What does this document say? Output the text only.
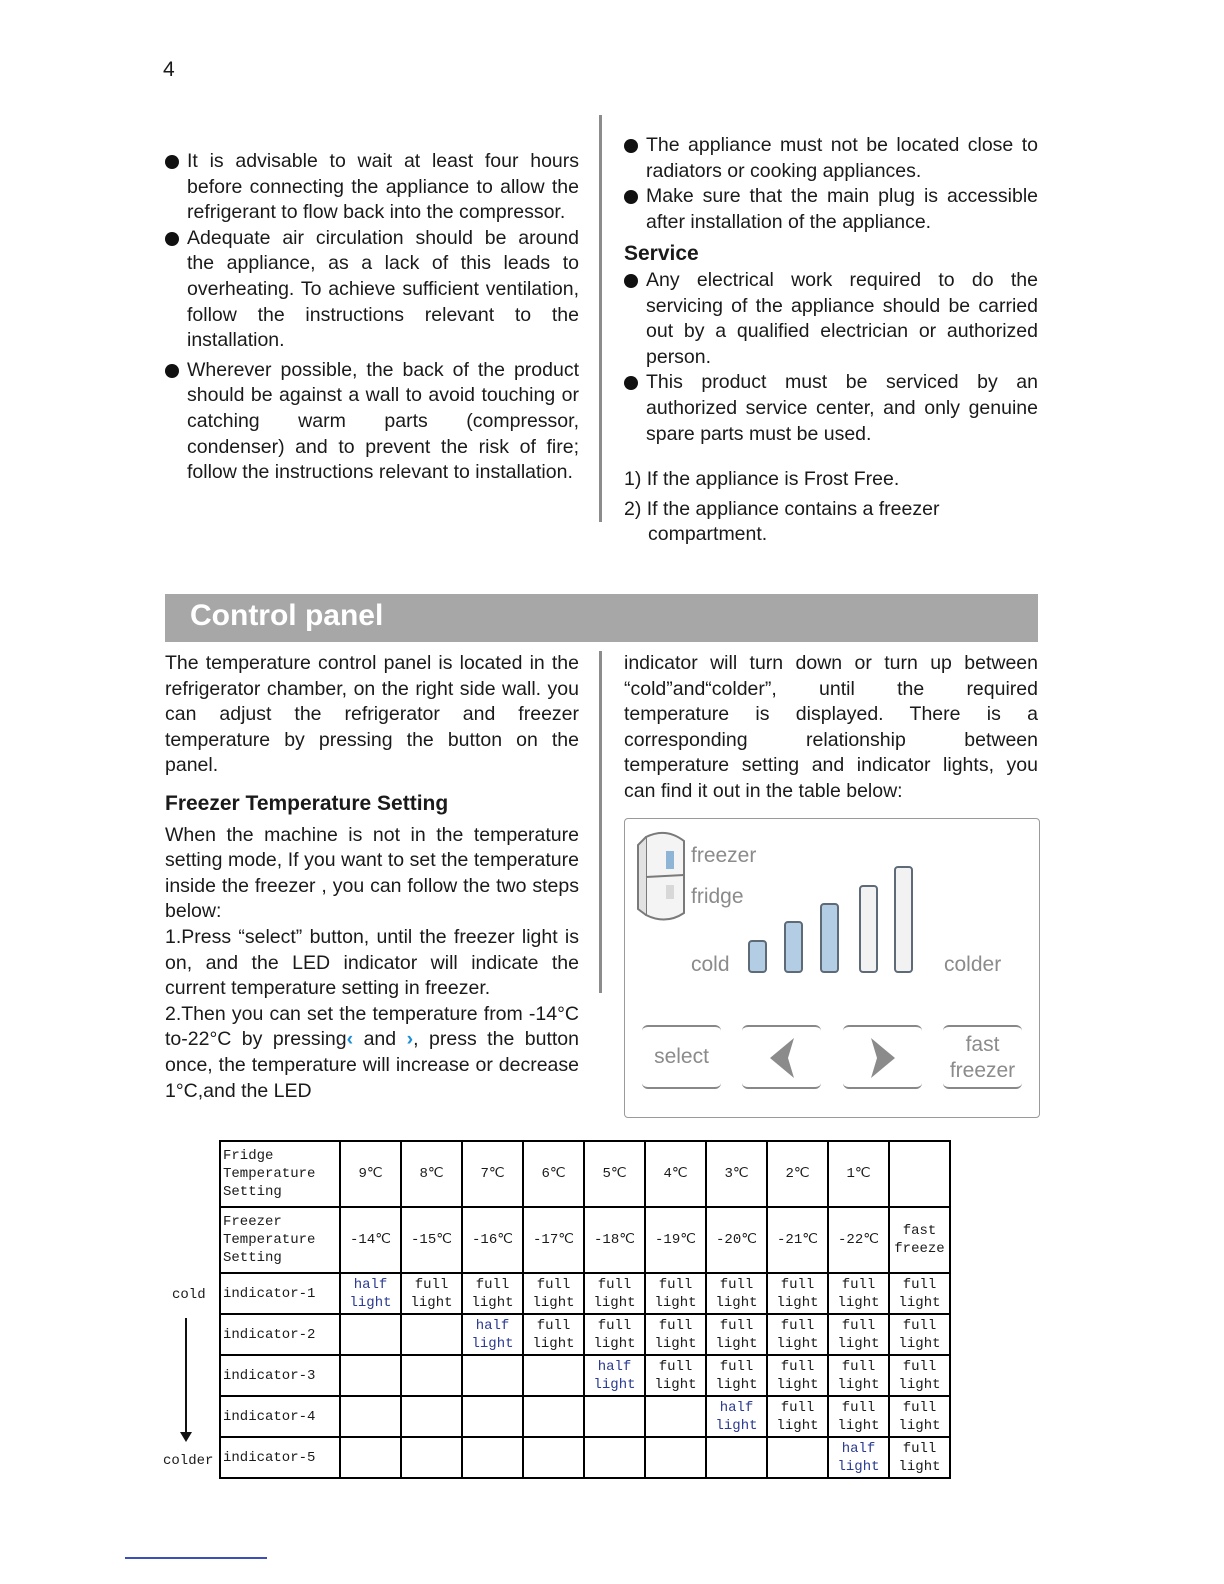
4
It is advisable to wait at least four hours before connecting the appliance to allow the refrigerant to flow back into the compressor.
Adequate air circulation should be around the appliance, as a lack of this leads to overheating. To achieve sufficient ventilation, follow the instructions relevant to the installation.
Wherever possible, the back of the product should be against a wall to avoid touching or catching warm parts (compressor, condenser) and to prevent the risk of fire; follow the instructions relevant to installation.
The appliance must not be located close to radiators or cooking appliances.
Make sure that the main plug is accessible after installation of the appliance.
Service
Any electrical work required to do the servicing of the appliance should be carried out by a qualified electrician or authorized person.
This product must be serviced by an authorized service center, and only genuine spare parts must be used.
1) If the appliance is Frost Free.
2) If the appliance contains a freezer compartment.
Control panel
The temperature control panel is located in the refrigerator chamber, on the right side wall. you can adjust the refrigerator and freezer temperature by pressing the button on the panel.
Freezer Temperature Setting
When the machine is not in the temperature setting mode, If you want to set the temperature inside the freezer , you can follow the two steps below:
1.Press “select” button, until the freezer light is on, and the LED indicator will indicate the current temperature setting in freezer.
2.Then you can set the temperature from -14°C to-22°C by pressing‹ and ›, press the button once, the temperature will increase or decrease 1°C,and the LED
indicator will turn down or turn up between “cold”and“colder”, until the required temperature is displayed. There is a corresponding relationship between temperature setting and indicator lights, you can find it out in the table below:
freezer
fridge
cold	colder
select
fast
freezer
cold
colder
Fridge
Temperature
Setting	9℃	8℃	7℃	6℃	5℃	4℃	3℃	2℃	1℃	

Freezer
Temperature
Setting	-14℃	-15℃	-16℃	-17℃	-18℃	-19℃	-20℃	-21℃	-22℃	fast freeze
indicator-1	half light	full light	full light	full light	full light	full light	full light	full light	full light	full light
indicator-2			half light	full light	full light	full light	full light	full light	full light	full light
indicator-3					half light	full light	full light	full light	full light	full light
indicator-4							half light	full light	full light	full light
indicator-5									half light	full light
